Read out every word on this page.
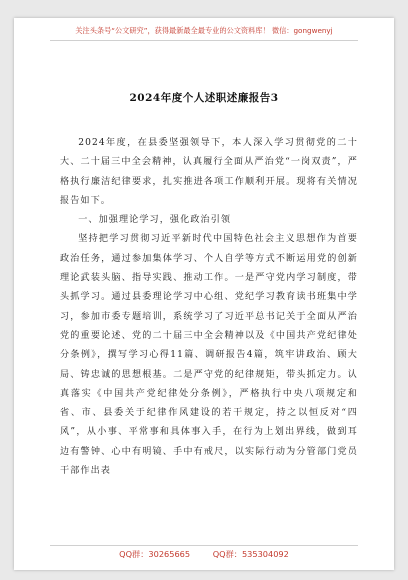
关注头条号“公文研究”，获得最新最全最专业的公文资料库！ 微信：gongwenyj
2024年度个人述职述廉报告3

2024年度，在县委坚强领导下，本人深入学习贯彻党的二十大、二十届三中全会精神，认真履行全面从严治党“一岗双责”，严格执行廉洁纪律要求，扎实推进各项工作顺利开展。现将有关情况报告如下。

一、加强理论学习，强化政治引领

坚持把学习贯彻习近平新时代中国特色社会主义思想作为首要政治任务，通过参加集体学习、个人自学等方式不断运用党的创新理论武装头脑、指导实践、推动工作。一是严守党内学习制度，带头抓学习。通过县委理论学习中心组、党纪学习教育读书班集中学习，参加市委专题培训，系统学习了习近平总书记关于全面从严治党的重要论述、党的二十届三中全会精神以及《中国共产党纪律处分条例》，撰写学习心得11篇、调研报告4篇，筑牢讲政治、顾大局、铸忠诚的思想根基。二是严守党的纪律规矩，带头抓定力。认真落实《中国共产党纪律处分条例》，严格执行中央八项规定和省、市、县委关于纪律作风建设的若干规定，持之以恒反对“四风”，从小事、平常事和具体事入手，在行为上划出界线，做到耳边有警钟、心中有明镜、手中有戒尺，以实际行动为分管部门党员干部作出表

QQ群：30265665	QQ群：535304092
